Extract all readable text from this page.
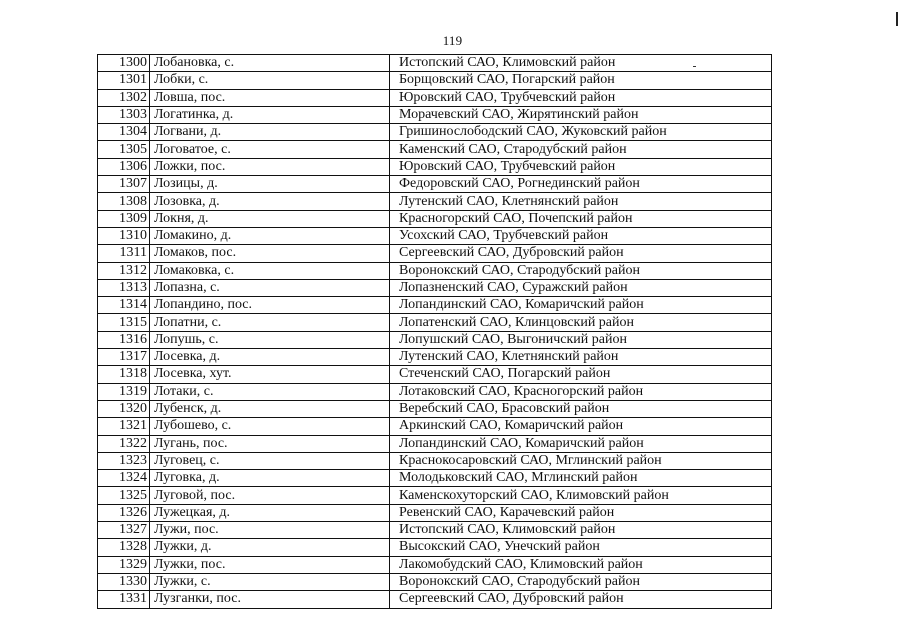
119
1300	Лобановка, с.	Истопский САО, Климовский район
1301	Лобки, с.	Борщовский САО, Погарский район
1302	Ловша, пос.	Юровский САО, Трубчевский район
1303	Логатинка, д.	Морачевский САО, Жирятинский район
1304	Логвани, д.	Гришинослободский САО, Жуковский район
1305	Логоватое, с.	Каменский САО, Стародубский район
1306	Ложки, пос.	Юровский САО, Трубчевский район
1307	Лозицы, д.	Федоровский САО, Рогнединский район
1308	Лозовка, д.	Лутенский САО, Клетнянский район
1309	Локня, д.	Красногорский САО, Почепский район
1310	Ломакино, д.	Усохский САО, Трубчевский район
1311	Ломаков, пос.	Сергеевский САО, Дубровский район
1312	Ломаковка, с.	Воронокский САО, Стародубский район
1313	Лопазна, с.	Лопазненский САО, Суражский район
1314	Лопандино, пос.	Лопандинский САО, Комаричский район
1315	Лопатни, с.	Лопатенский САО, Клинцовский район
1316	Лопушь, с.	Лопушский САО, Выгоничский район
1317	Лосевка, д.	Лутенский САО, Клетнянский район
1318	Лосевка, хут.	Стеченский САО, Погарский район
1319	Лотаки, с.	Лотаковский САО, Красногорский район
1320	Лубенск, д.	Веребский САО, Брасовский район
1321	Лубошево, с.	Аркинский САО, Комаричский район
1322	Лугань, пос.	Лопандинский САО, Комаричский район
1323	Луговец, с.	Краснокосаровский САО, Мглинский район
1324	Луговка, д.	Молодьковский САО, Мглинский район
1325	Луговой, пос.	Каменскохуторский САО, Климовский район
1326	Лужецкая, д.	Ревенский САО, Карачевский район
1327	Лужи, пос.	Истопский САО, Климовский район
1328	Лужки, д.	Высокский САО, Унечский район
1329	Лужки, пос.	Лакомобудский САО, Климовский район
1330	Лужки, с.	Воронокский САО, Стародубский район
1331	Лузганки, пос.	Сергеевский САО, Дубровский район
